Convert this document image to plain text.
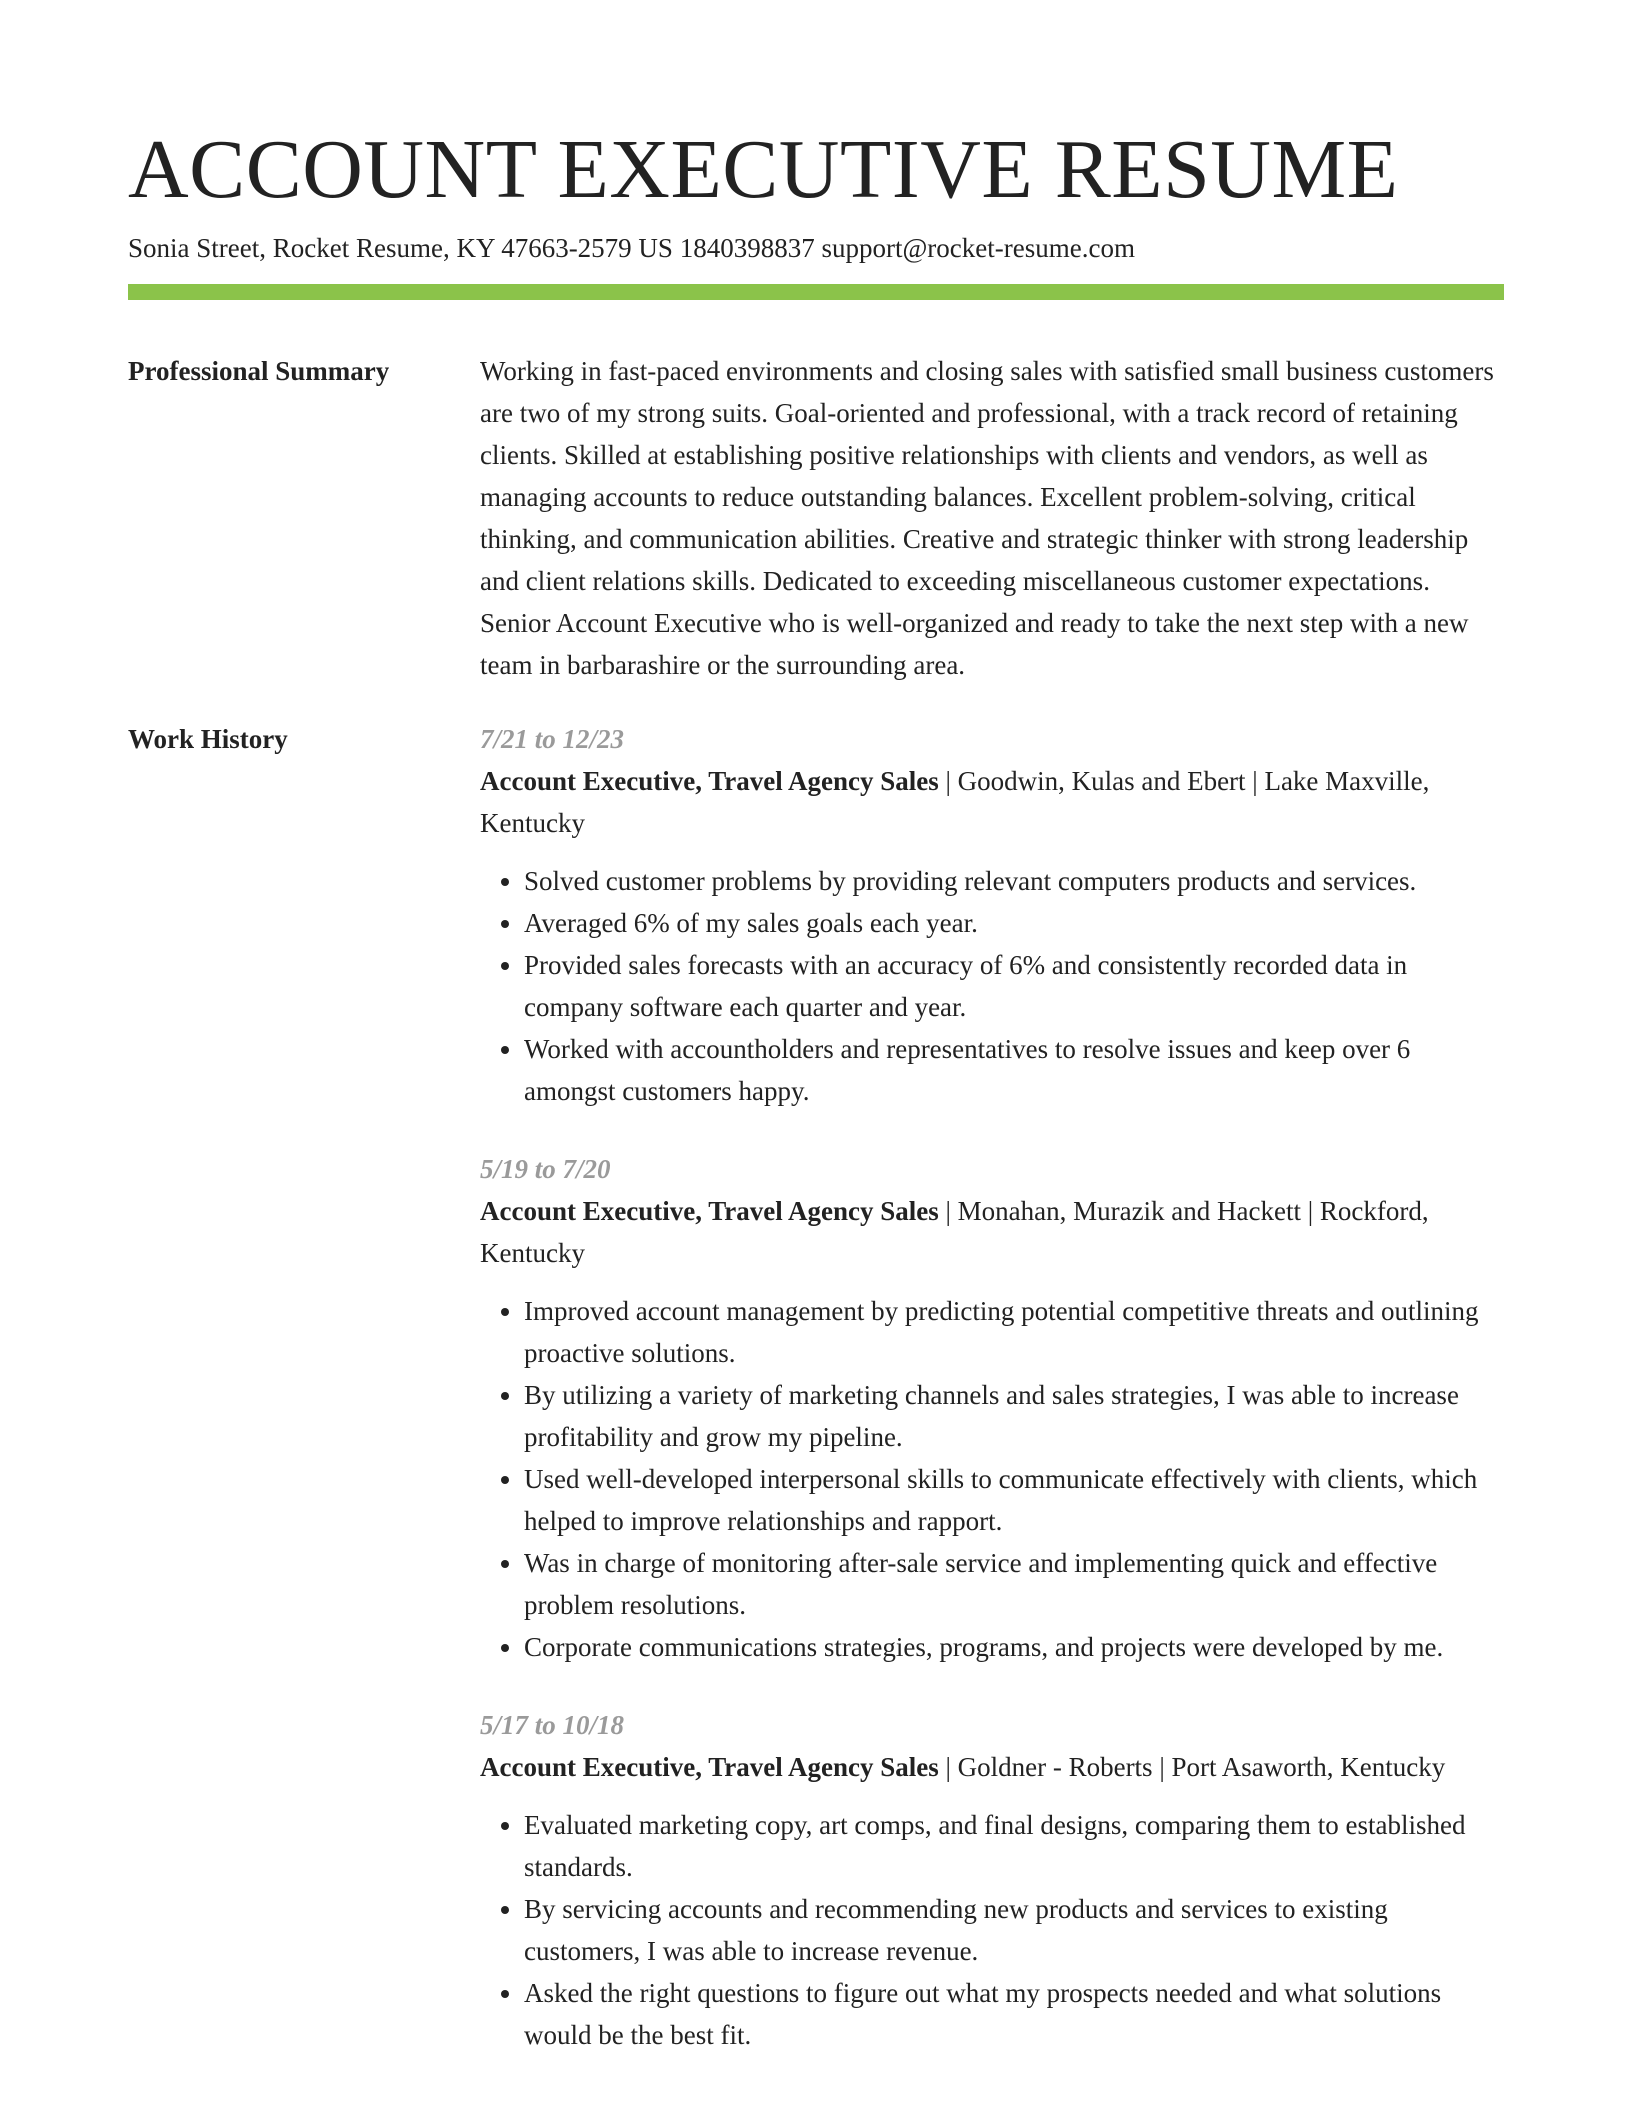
ACCOUNT EXECUTIVE RESUME
Sonia Street, Rocket Resume, KY 47663-2579 US 1840398837 support@rocket-resume.com
Professional Summary	Working in fast-paced environments and closing sales with satisfied small business customers are two of my strong suits. Goal-oriented and professional, with a track record of retaining clients. Skilled at establishing positive relationships with clients and vendors, as well as managing accounts to reduce outstanding balances. Excellent problem-solving, critical thinking, and communication abilities. Creative and strategic thinker with strong leadership and client relations skills. Dedicated to exceeding miscellaneous customer expectations. Senior Account Executive who is well-organized and ready to take the next step with a new team in barbarashire or the surrounding area.

Work History	7/21 to 12/23
Account Executive, Travel Agency Sales | Goodwin, Kulas and Ebert | Lake Maxville, Kentucky
• Solved customer problems by providing relevant computers products and services.
• Averaged 6% of my sales goals each year.
• Provided sales forecasts with an accuracy of 6% and consistently recorded data in company software each quarter and year.
• Worked with accountholders and representatives to resolve issues and keep over 6 amongst customers happy.
5/19 to 7/20
Account Executive, Travel Agency Sales | Monahan, Murazik and Hackett | Rockford, Kentucky
• Improved account management by predicting potential competitive threats and outlining proactive solutions.
• By utilizing a variety of marketing channels and sales strategies, I was able to increase profitability and grow my pipeline.
• Used well-developed interpersonal skills to communicate effectively with clients, which helped to improve relationships and rapport.
• Was in charge of monitoring after-sale service and implementing quick and effective problem resolutions.
• Corporate communications strategies, programs, and projects were developed by me.
5/17 to 10/18
Account Executive, Travel Agency Sales | Goldner - Roberts | Port Asaworth, Kentucky
• Evaluated marketing copy, art comps, and final designs, comparing them to established standards.
• By servicing accounts and recommending new products and services to existing customers, I was able to increase revenue.
• Asked the right questions to figure out what my prospects needed and what solutions would be the best fit.
